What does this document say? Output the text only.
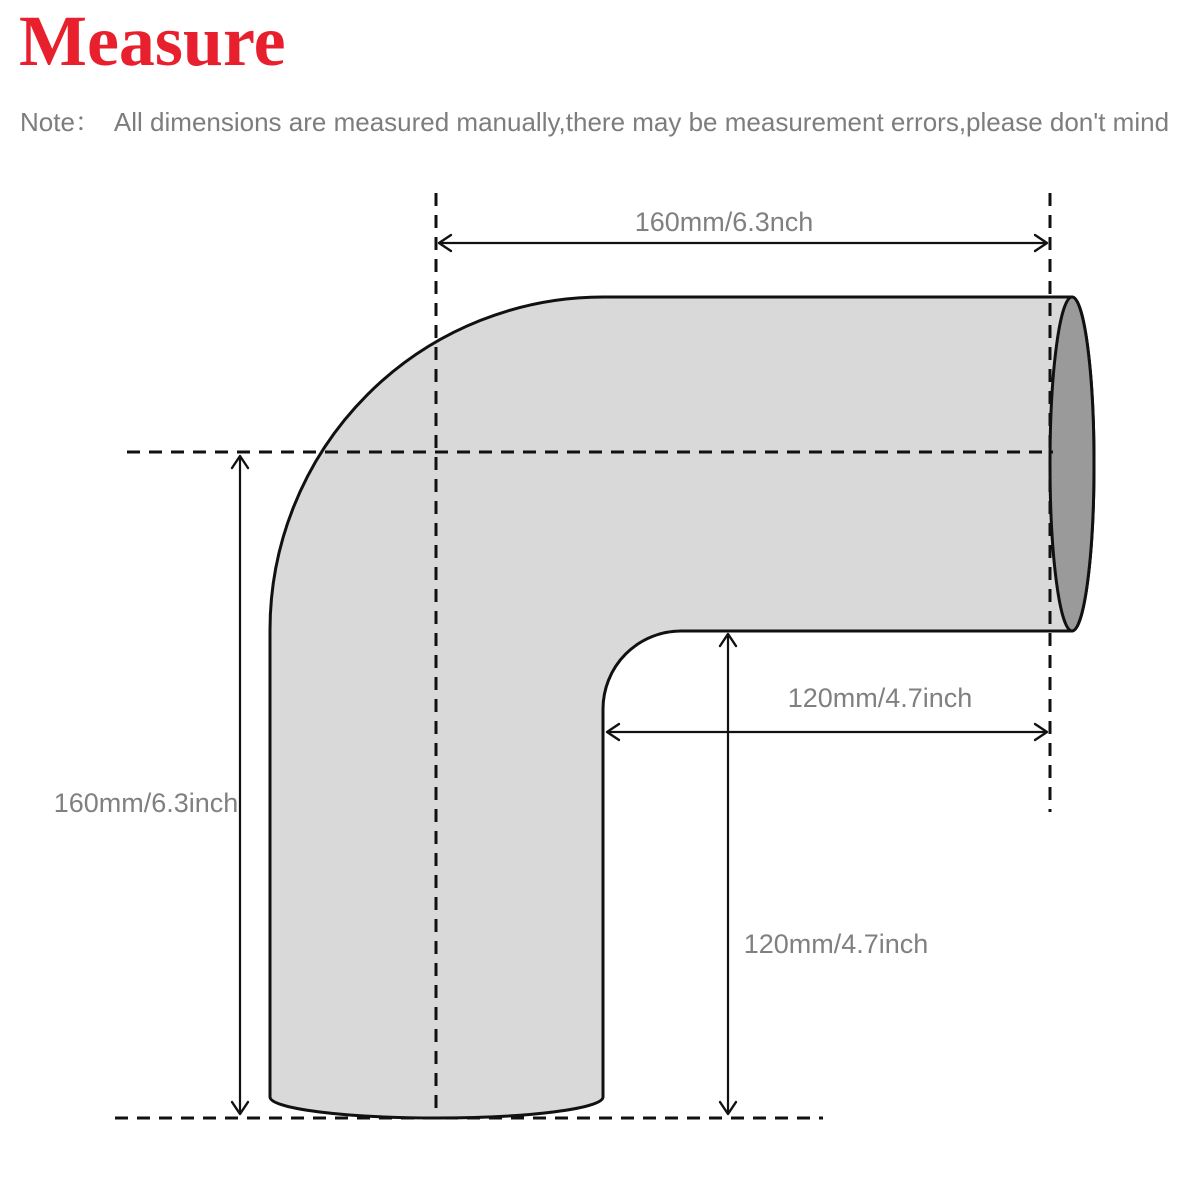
Measure
Note：  All dimensions are measured manually,there may be measurement errors,please don't mind
160mm/6.3nch
160mm/6.3inch
120mm/4.7inch
120mm/4.7inch
